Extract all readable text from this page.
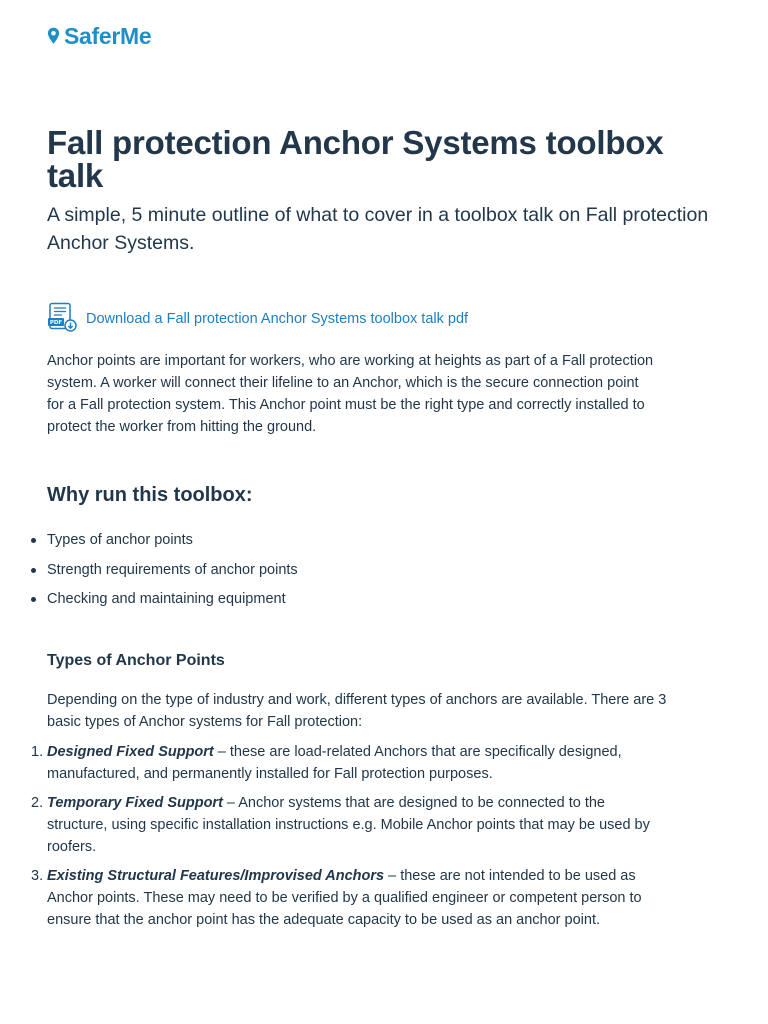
SaferMe
Fall protection Anchor Systems toolbox talk

A simple, 5 minute outline of what to cover in a toolbox talk on Fall protection Anchor Systems.

PDF Download a Fall protection Anchor Systems toolbox talk pdf

Anchor points are important for workers, who are working at heights as part of a Fall protection system. A worker will connect their lifeline to an Anchor, which is the secure connection point for a Fall protection system. This Anchor point must be the right type and correctly installed to protect the worker from hitting the ground.

Why run this toolbox:
Types of anchor points
Strength requirements of anchor points
Checking and maintaining equipment
Types of Anchor Points

Depending on the type of industry and work, different types of anchors are available. There are 3 basic types of Anchor systems for Fall protection:

1. Designed Fixed Support – these are load-related Anchors that are specifically designed, manufactured, and permanently installed for Fall protection purposes.
2. Temporary Fixed Support – Anchor systems that are designed to be connected to the structure, using specific installation instructions e.g. Mobile Anchor points that may be used by roofers.
3. Existing Structural Features/Improvised Anchors – these are not intended to be used as Anchor points. These may need to be verified by a qualified engineer or competent person to ensure that the anchor point has the adequate capacity to be used as an anchor point.
